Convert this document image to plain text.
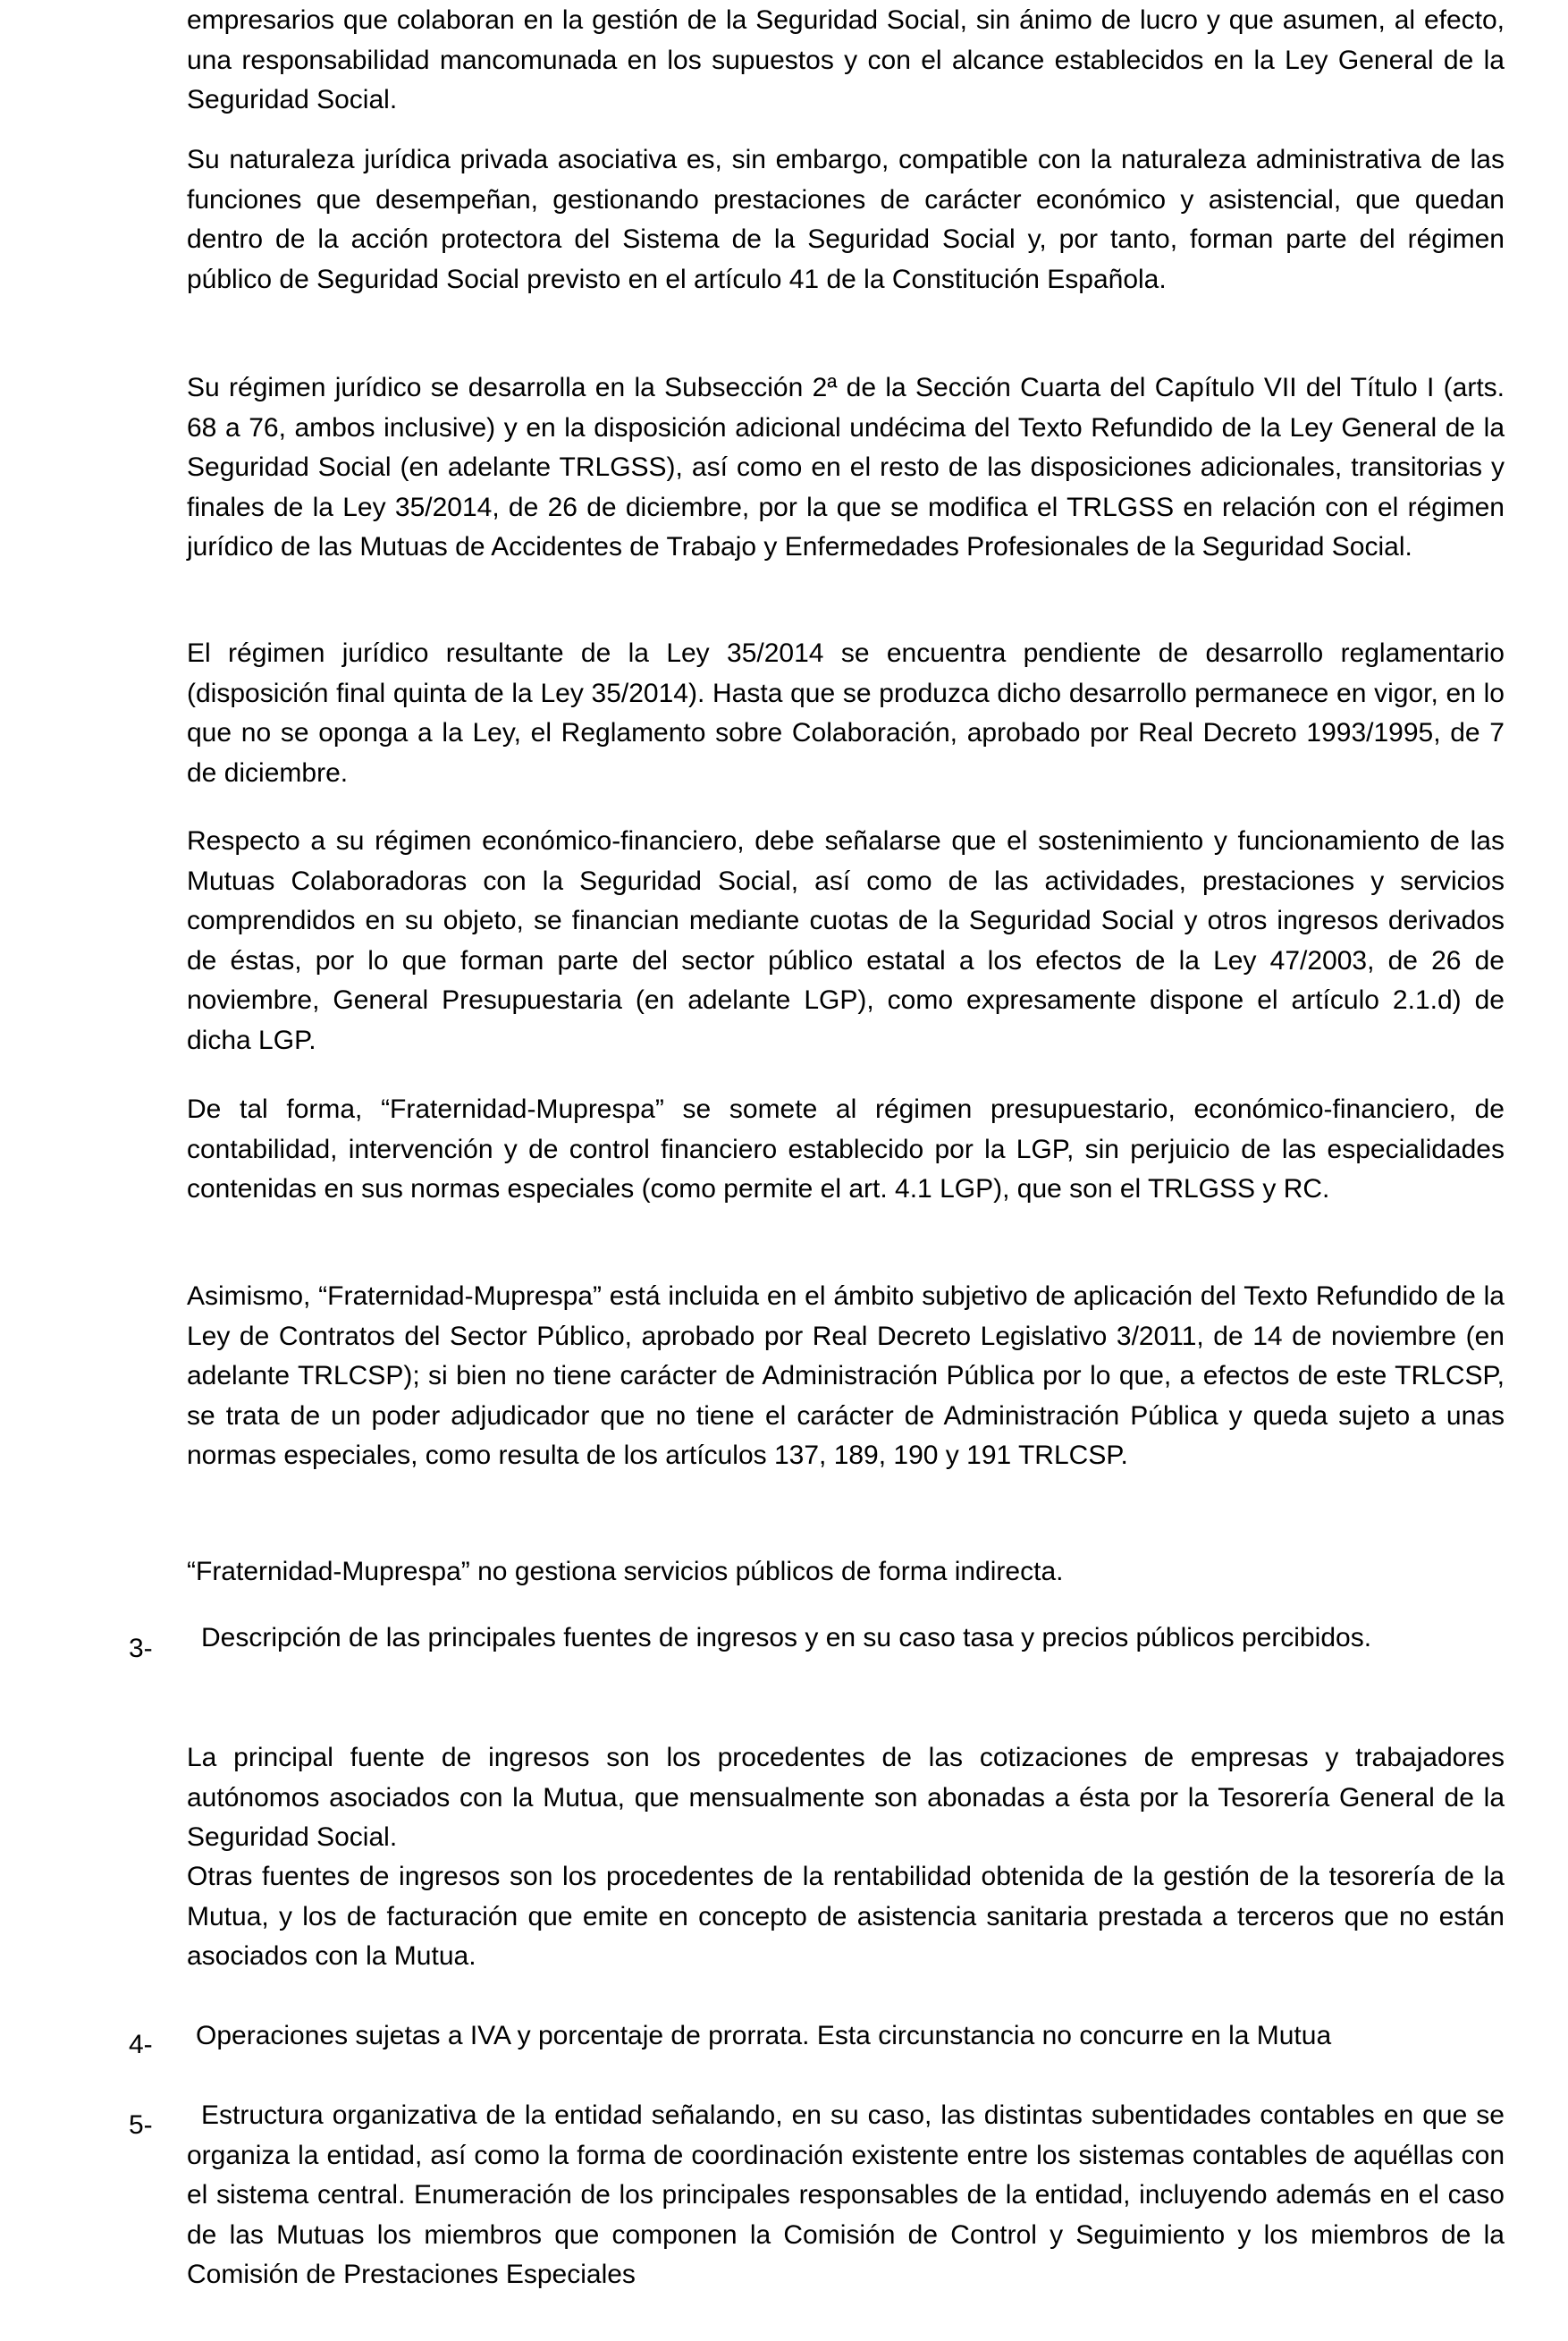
empresarios que colaboran en la gestión de la Seguridad Social, sin ánimo de lucro y que asumen, al efecto, una responsabilidad mancomunada en los supuestos y con el alcance establecidos en la Ley General de la Seguridad Social.

Su naturaleza jurídica privada asociativa es, sin embargo, compatible con la naturaleza administrativa de las funciones que desempeñan, gestionando prestaciones de carácter económico y asistencial, que quedan dentro de la acción protectora del Sistema de la Seguridad Social y, por tanto, forman parte del régimen público de Seguridad Social previsto en el artículo 41 de la Constitución Española.

Su régimen jurídico se desarrolla en la Subsección 2ª de la Sección Cuarta del Capítulo VII del Título I (arts. 68 a 76, ambos inclusive) y en la disposición adicional undécima del Texto Refundido de la Ley General de la Seguridad Social (en adelante TRLGSS), así como en el resto de las disposiciones adicionales, transitorias y finales de la Ley 35/2014, de 26 de diciembre, por la que se modifica el TRLGSS en relación con el régimen jurídico de las Mutuas de Accidentes de Trabajo y Enfermedades Profesionales de la Seguridad Social.

El régimen jurídico resultante de la Ley 35/2014 se encuentra pendiente de desarrollo reglamentario (disposición final quinta de la Ley 35/2014). Hasta que se produzca dicho desarrollo permanece en vigor, en lo que no se oponga a la Ley, el Reglamento sobre Colaboración, aprobado por Real Decreto 1993/1995, de 7 de diciembre.

Respecto a su régimen económico-financiero, debe señalarse que el sostenimiento y funcionamiento de las Mutuas Colaboradoras con la Seguridad Social, así como de las actividades, prestaciones y servicios comprendidos en su objeto, se financian mediante cuotas de la Seguridad Social y otros ingresos derivados de éstas, por lo que forman parte del sector público estatal a los efectos de la Ley 47/2003, de 26 de noviembre, General Presupuestaria (en adelante LGP), como expresamente dispone el artículo 2.1.d) de dicha LGP.

De tal forma, “Fraternidad-Muprespa” se somete al régimen presupuestario, económico-financiero, de contabilidad, intervención y de control financiero establecido por la LGP, sin perjuicio de las especialidades contenidas en sus normas especiales (como permite el art. 4.1 LGP), que son el TRLGSS y RC.

Asimismo, “Fraternidad-Muprespa” está incluida en el ámbito subjetivo de aplicación del Texto Refundido de la Ley de Contratos del Sector Público, aprobado por Real Decreto Legislativo 3/2011, de 14 de noviembre (en adelante TRLCSP); si bien no tiene carácter de Administración Pública por lo que, a efectos de este TRLCSP, se trata de un poder adjudicador que no tiene el carácter de Administración Pública y queda sujeto a unas normas especiales, como resulta de los artículos 137, 189, 190 y 191 TRLCSP.

“Fraternidad-Muprespa” no gestiona servicios públicos de forma indirecta.

3-	Descripción de las principales fuentes de ingresos y en su caso tasa y precios públicos percibidos.

La principal fuente de ingresos son los procedentes de las cotizaciones de empresas y trabajadores autónomos asociados con la Mutua, que mensualmente son abonadas a ésta por la Tesorería General de la Seguridad Social.

Otras fuentes de ingresos son los procedentes de la rentabilidad obtenida de la gestión de la tesorería de la Mutua, y los de facturación que emite en concepto de asistencia sanitaria prestada a terceros que no están asociados con la Mutua.

4-	Operaciones sujetas a IVA y porcentaje de prorrata. Esta circunstancia no concurre en la Mutua

5-	Estructura organizativa de la entidad señalando, en su caso, las distintas subentidades contables en que se organiza la entidad, así como la forma de coordinación existente entre los sistemas contables de aquéllas con el sistema central. Enumeración de los principales responsables de la entidad, incluyendo además en el caso de las Mutuas los miembros que componen la Comisión de Control y Seguimiento y los miembros de la Comisión de Prestaciones Especiales
